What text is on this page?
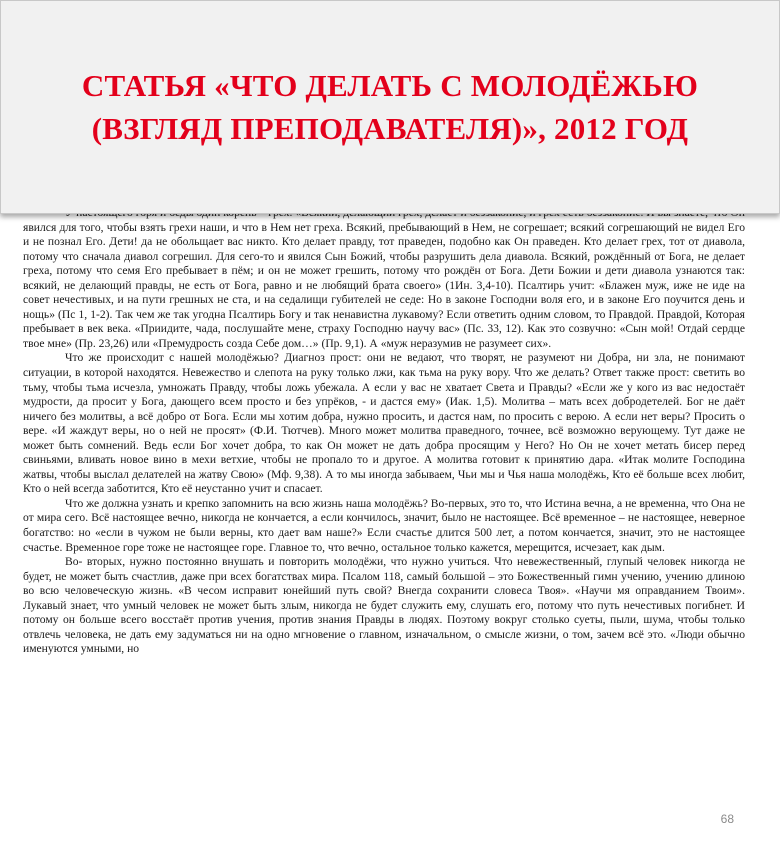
СТАТЬЯ «ЧТО ДЕЛАТЬ С МОЛОДЁЖЬЮ
(ВЗГЛЯД ПРЕПОДАВАТЕЛЯ)», 2012 ГОД

явился для того, чтобы взять грехи наши, и что в Нем нет греха. Всякий, пребывающий в Нем, не согрешает; всякий согрешающий не видел Его и не познал Его. Дети! да не обольщает вас никто. Кто делает правду, тот праведен, подобно как Он праведен. Кто делает грех, тот от диавола, потому что сначала диавол согрешил. Для сего-то и явился Сын Божий, чтобы разрушить дела диавола. Всякий, рождённый от Бога, не делает греха, потому что семя Его пребывает в пём; и он не может грешить, потому что рождён от Бога. Дети Божии и дети диавола узнаются так: всякий, не делающий правды, не есть от Бога, равно и не любящий брата своего» (1Ин. 3,4-10). Псалтирь учит: «Блажен муж, иже не иде на совет нечестивых, и на пути грешных не ста, и на седалищи губителей не седе: Но в законе Господни воля его, и в законе Его поучится день и нощь» (Пс 1, 1-2). Так чем же так угодна Псалтирь Богу и так ненавистна лукавому? Если ответить одним словом, то Правдой. Правдой, Которая пребывает в век века. «Приидите, чада, послушайте мене, страху Господню научу вас» (Пс. 33, 12). Как это созвучно: «Сын мой! Отдай сердце твое мне» (Пр. 23,26) или «Премудрость созда Себе дом…» (Пр. 9,1). А «муж неразумив не разумеет сих».

Что же происходит с нашей молодёжью? Диагноз прост: они не ведают, что творят, не разумеют ни Добра, ни зла, не понимают ситуации, в которой находятся. Невежество и слепота на руку только лжи, как тьма на руку вору. Что же делать? Ответ также прост: светить во тьму, чтобы тьма исчезла, умножать Правду, чтобы ложь убежала. А если у вас не хватает Света и Правды? «Если же у кого из вас недостаёт мудрости, да просит у Бога, дающего всем просто и без упрёков, - и дастся ему» (Иак. 1,5). Молитва – мать всех добродетелей. Бог не даёт ничего без молитвы, а всё добро от Бога. Если мы хотим добра, нужно просить, и дастся нам, по просить с верою. А если нет веры? Просить о вере. «И жаждут веры, но о ней не просят» (Ф.И. Тютчев). Много может молитва праведного, точнее, всё возможно верующему. Тут даже не может быть сомнений. Ведь если Бог хочет добра, то как Он может не дать добра просящим у Него? Но Он не хочет метать бисер перед свиньями, вливать новое вино в мехи ветхие, чтобы не пропало то и другое. А молитва готовит к принятию дара. «Итак молите Господина жатвы, чтобы выслал делателей на жатву Свою» (Мф. 9,38). А то мы иногда забываем, Чьи мы и Чья наша молодёжь, Кто её больше всех любит, Кто о ней всегда заботится, Кто её неустанно учит и спасает.

Что же должна узнать и крепко запомнить на всю жизнь наша молодёжь? Во-первых, это то, что Истина вечна, а не временна, что Она не от мира сего. Всё настоящее вечно, никогда не кончается, а если кончилось, значит, было не настоящее. Всё временное – не настоящее, неверное богатство: но «если в чужом не были верны, кто дает вам наше?» Если счастье длится 500 лет, а потом кончается, значит, это не настоящее счастье. Временное горе тоже не настоящее горе. Главное то, что вечно, остальное только кажется, мерещится, исчезает, как дым.

Во- вторых, нужно постоянно внушать и повторить молодёжи, что нужно учиться. Что невежественный, глупый человек никогда не будет, не может быть счастлив, даже при всех богатствах мира. Псалом 118, самый большой – это Божественный гимн учению, учению длиною во всю человеческую жизнь. «В чесом исправит юнейший путь свой? Внегда сохранити словеса Твоя». «Научи мя оправданием Твоим». Лукавый знает, что умный человек не может быть злым, никогда не будет служить ему, слушать его, потому что путь нечестивых погибнет. И потому он больше всего восстаёт против учения, против знания Правды в людях. Поэтому вокруг столько суеты, пыли, шума, чтобы только отвлечь человека, не дать ему задуматься ни на одно мгновение о главном, изначальном, о смысле жизни, о том, зачем всё это. «Люди обычно именуются умными, но

68
